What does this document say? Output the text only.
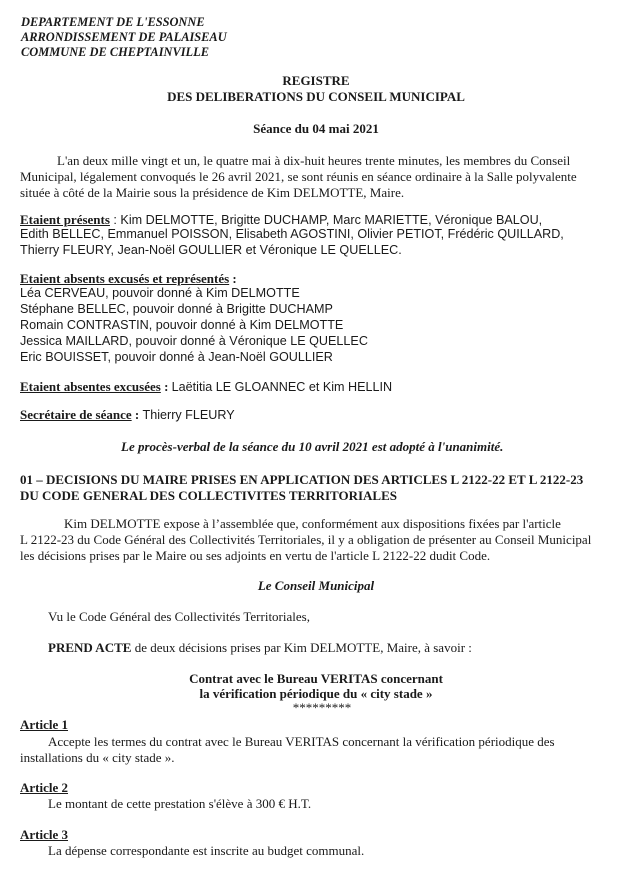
DEPARTEMENT DE L'ESSONNE
ARRONDISSEMENT DE PALAISEAU
COMMUNE DE CHEPTAINVILLE
REGISTRE
DES DELIBERATIONS DU CONSEIL MUNICIPAL
Séance du 04 mai 2021
L'an deux mille vingt et un, le quatre mai à dix-huit heures trente minutes, les membres du Conseil
Municipal, légalement convoqués le 26 avril 2021, se sont réunis en séance ordinaire à la Salle polyvalente
située à côté de la Mairie sous la présidence de Kim DELMOTTE, Maire.
Etaient présents : Kim DELMOTTE, Brigitte DUCHAMP, Marc MARIETTE, Véronique BALOU,
Edith BELLEC, Emmanuel POISSON, Elisabeth AGOSTINI, Olivier PETIOT, Frédéric QUILLARD,
Thierry FLEURY, Jean-Noël GOULLIER et Véronique LE QUELLEC.
Etaient absents excusés et représentés :
Léa CERVEAU, pouvoir donné à Kim DELMOTTE
Stéphane BELLEC, pouvoir donné à Brigitte DUCHAMP
Romain CONTRASTIN, pouvoir donné à Kim DELMOTTE
Jessica MAILLARD, pouvoir donné à Véronique LE QUELLEC
Eric BOUISSET, pouvoir donné à Jean-Noël GOULLIER
Etaient absentes excusées : Laëtitia LE GLOANNEC et Kim HELLIN
Secrétaire de séance : Thierry FLEURY
Le procès-verbal de la séance du 10 avril 2021 est adopté à l'unanimité.
01 – DECISIONS DU MAIRE PRISES EN APPLICATION DES ARTICLES L 2122-22 ET L 2122-23
DU CODE GENERAL DES COLLECTIVITES TERRITORIALES
Kim DELMOTTE expose à l’assemblée que, conformément aux dispositions fixées par l'article
L 2122-23 du Code Général des Collectivités Territoriales, il y a obligation de présenter au Conseil Municipal
les décisions prises par le Maire ou ses adjoints en vertu de l'article L 2122-22 dudit Code.
Le Conseil Municipal
Vu le Code Général des Collectivités Territoriales,
PREND ACTE de deux décisions prises par Kim DELMOTTE, Maire, à savoir :
Contrat avec le Bureau VERITAS concernant
la vérification périodique du « city stade »
*********
Article 1
Accepte les termes du contrat avec le Bureau VERITAS concernant la vérification périodique des
installations du « city stade ».
Article 2
Le montant de cette prestation s'élève à 300 € H.T.
Article 3
La dépense correspondante est inscrite au budget communal.
